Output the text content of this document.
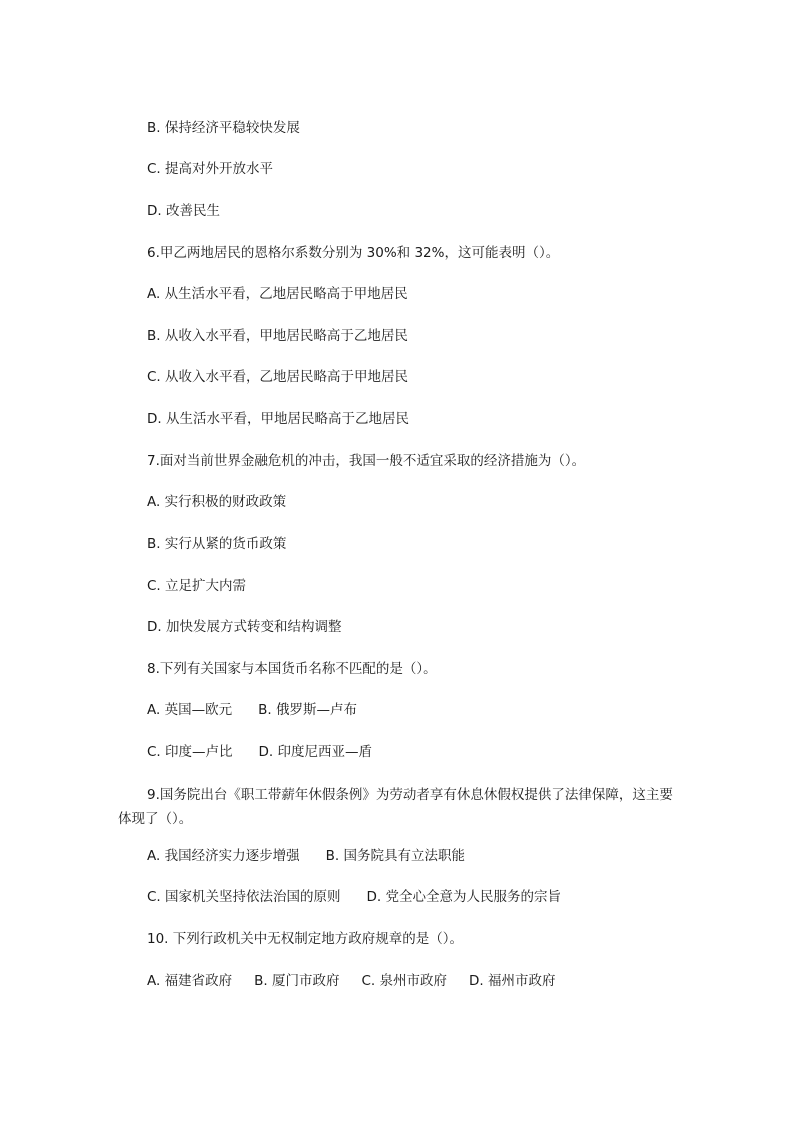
B. 保持经济平稳较快发展
C. 提高对外开放水平
D. 改善民生
6.甲乙两地居民的恩格尔系数分别为 30%和 32%，这可能表明（）。
A. 从生活水平看，乙地居民略高于甲地居民
B. 从收入水平看，甲地居民略高于乙地居民
C. 从收入水平看，乙地居民略高于甲地居民
D. 从生活水平看，甲地居民略高于乙地居民
7.面对当前世界金融危机的冲击，我国一般不适宜采取的经济措施为（）。
A. 实行积极的财政政策
B. 实行从紧的货币政策
C. 立足扩大内需
D. 加快发展方式转变和结构调整
8.下列有关国家与本国货币名称不匹配的是（）。
A. 英国—欧元 B. 俄罗斯—卢布
C. 印度—卢比 D. 印度尼西亚—盾
9.国务院出台《职工带薪年休假条例》为劳动者享有休息休假权提供了法律保障，这主要体现了（）。
A. 我国经济实力逐步增强 B. 国务院具有立法职能
C. 国家机关坚持依法治国的原则 D. 党全心全意为人民服务的宗旨
10. 下列行政机关中无权制定地方政府规章的是（）。
A. 福建省政府 B. 厦门市政府 C. 泉州市政府 D. 福州市政府
